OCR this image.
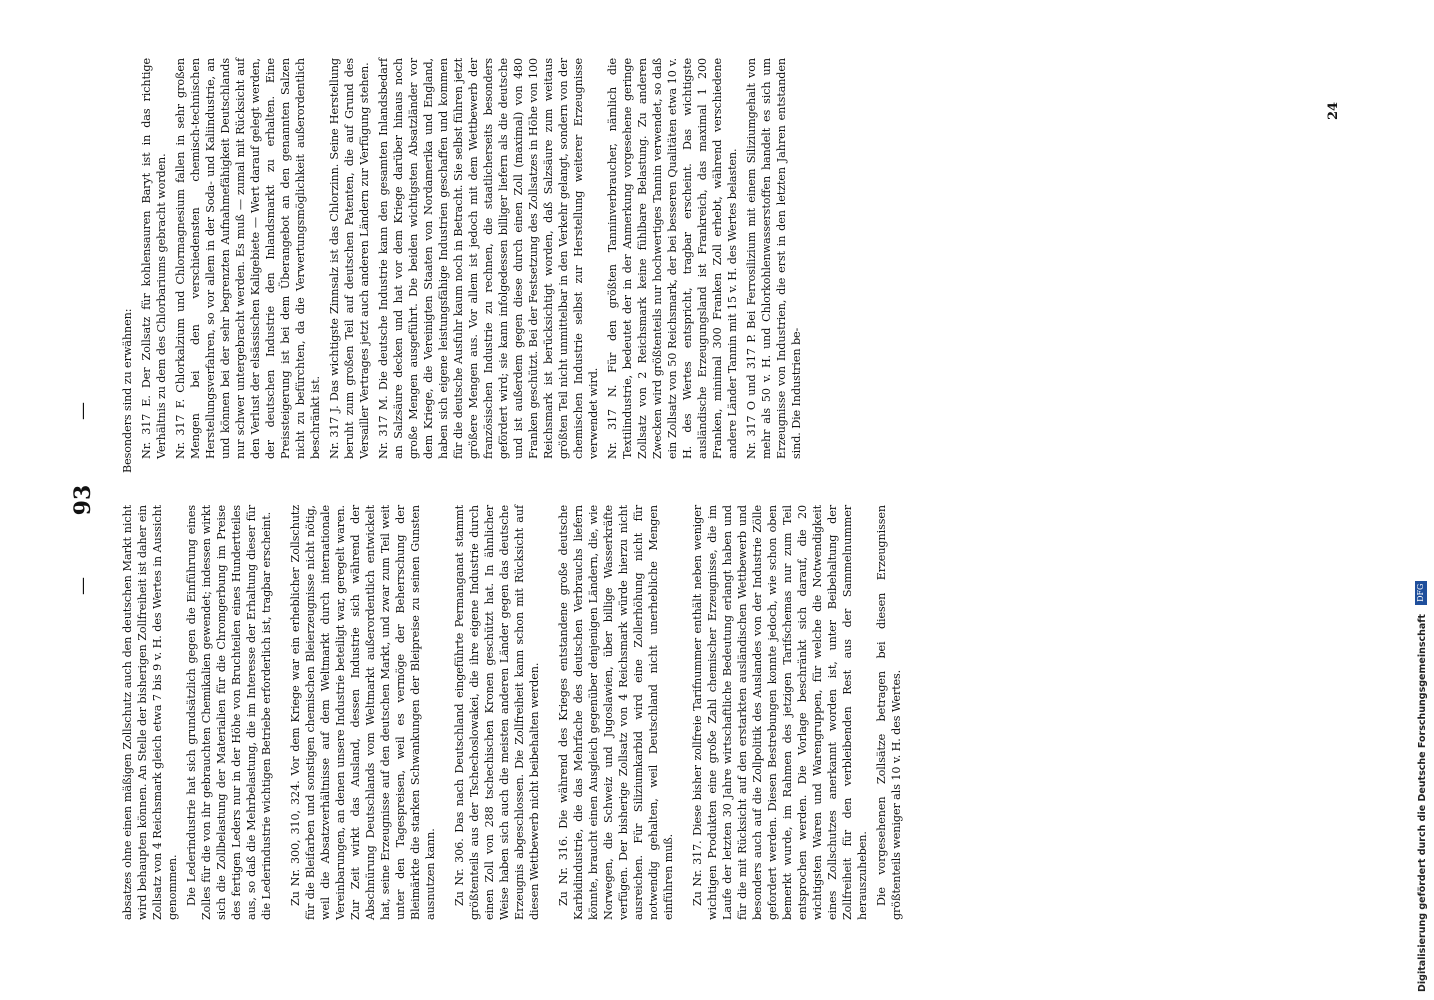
—
93
—

absatzes ohne einen mäßigen Zollschutz auch den deutschen Markt nicht wird behaupten können. An Stelle der bisherigen Zollfreiheit ist daher ein Zollsatz von 4 Reichsmark gleich etwa 7 bis 9 v. H. des Wertes in Aussicht genommen. Die Lederindustrie hat sich grundsätzlich gegen die Einführung eines Zolles für die von ihr gebrauchten Chemikalien gewendet; indessen wirkt sich die Zollbelastung der Materialien für die Chromgerbung im Preise des fertigen Leders nur in der Höhe von Bruchteilen eines Hundertteiles aus, so daß die Mehrbelastung, die im Interesse der Erhaltung dieser für die Lederindustrie wichtigen Betriebe erforderlich ist, tragbar erscheint. Zu Nr. 300, 310, 324. Vor dem Kriege war ein erheblicher Zollschutz für die Bleifarben und sonstigen chemischen Bleierzeugnisse nicht nötig, weil die Absatzverhältnisse auf dem Weltmarkt durch internationale Vereinbarungen, an denen unsere Industrie beteiligt war, geregelt waren. Zur Zeit wirkt das Ausland, dessen Industrie sich während der Abschnürung Deutschlands vom Weltmarkt außerordentlich entwickelt hat, seine Erzeugnisse auf den deutschen Markt, und zwar zum Teil weit unter den Tagespreisen, weil es vermöge der Beherrschung der Bleimärkte die starken Schwankungen der Bleipreise zu seinen Gunsten ausnutzen kann. Zu Nr. 306. Das nach Deutschland eingeführte Permanganat stammt größtenteils aus der Tschechoslowakei, die ihre eigene Industrie durch einen Zoll von 288 tschechischen Kronen geschützt hat. In ähnlicher Weise haben sich auch die meisten anderen Länder gegen das deutsche Erzeugnis abgeschlossen. Die Zollfreiheit kann schon mit Rücksicht auf diesen Wettbewerb nicht beibehalten werden. Zu Nr. 316. Die während des Krieges entstandene große deutsche Karbidindustrie, die das Mehrfache des deutschen Verbrauchs liefern könnte, braucht einen Ausgleich gegenüber denjenigen Ländern, die, wie Norwegen, die Schweiz und Jugoslawien, über billige Wasserkräfte verfügen. Der bisherige Zollsatz von 4 Reichsmark würde hierzu nicht ausreichen. Für Siliziumkarbid wird eine Zollerhöhung nicht für notwendig gehalten, weil Deutschland nicht unerhebliche Mengen einführen muß. Zu Nr. 317. Diese bisher zollfreie Tarifnummer enthält neben weniger wichtigen Produkten eine große Zahl chemischer Erzeugnisse, die im Laufe der letzten 30 Jahre wirtschaftliche Bedeutung erlangt haben und für die mit Rücksicht auf den erstarkten ausländischen Wettbewerb und besonders auch auf die Zollpolitik des Auslandes von der Industrie Zölle gefordert werden. Diesen Bestrebungen konnte jedoch, wie schon oben bemerkt wurde, im Rahmen des jetzigen Tarifschemas nur zum Teil entsprochen werden. Die Vorlage beschränkt sich darauf, die 20 wichtigsten Waren und Warengruppen, für welche die Notwendigkeit eines Zollschutzes anerkannt worden ist, unter Beibehaltung der Zollfreiheit für den verbleibenden Rest aus der Sammelnummer herauszuheben. Die vorgesehenen Zollsätze betragen bei diesen Erzeugnissen größtenteils weniger als 10 v. H. des Wertes.

Besonders sind zu erwähnen: Nr. 317 E. Der Zollsatz für kohlensauren Baryt ist in das richtige Verhältnis zu dem des Chlorbariums gebracht worden. Nr. 317 F. Chlorkalzium und Chlormagnesium fallen in sehr großen Mengen bei den verschiedensten chemisch-technischen Herstellungsverfahren, so vor allem in der Soda- und Kaliindustrie, an und können bei der sehr begrenzten Aufnahmefähigkeit Deutschlands nur schwer untergebracht werden. Es muß — zumal mit Rücksicht auf den Verlust der elsässischen Kaligebiete — Wert darauf gelegt werden, der deutschen Industrie den Inlandsmarkt zu erhalten. Eine Preissteigerung ist bei dem Überangebot an den genannten Salzen nicht zu befürchten, da die Verwertungsmöglichkeit außerordentlich beschränkt ist. Nr. 317 J. Das wichtigste Zinnsalz ist das Chlorzinn. Seine Herstellung beruht zum großen Teil auf deutschen Patenten, die auf Grund des Versailler Vertrages jetzt auch anderen Ländern zur Verfügung stehen. Nr. 317 M. Die deutsche Industrie kann den gesamten Inlandsbedarf an Salzsäure decken und hat vor dem Kriege darüber hinaus noch große Mengen ausgeführt. Die beiden wichtigsten Absatzländer vor dem Kriege, die Vereinigten Staaten von Nordamerika und England, haben sich eigene leistungsfähige Industrien geschaffen und kommen für die deutsche Ausfuhr kaum noch in Betracht. Sie selbst führen jetzt größere Mengen aus. Vor allem ist jedoch mit dem Wettbewerb der französischen Industrie zu rechnen, die staatlicherseits besonders gefördert wird; sie kann infolgedessen billiger liefern als die deutsche und ist außerdem gegen diese durch einen Zoll (maximal) von 480 Franken geschützt. Bei der Festsetzung des Zollsatzes in Höhe von 100 Reichsmark ist berücksichtigt worden, daß Salzsäure zum weitaus größten Teil nicht unmittelbar in den Verkehr gelangt, sondern von der chemischen Industrie selbst zur Herstellung weiterer Erzeugnisse verwendet wird. Nr. 317 N. Für den größten Tanninverbraucher, nämlich die Textilindustrie, bedeutet der in der Anmerkung vorgesehene geringe Zollsatz von 2 Reichsmark keine fühlbare Belastung. Zu anderen Zwecken wird größtenteils nur hochwertiges Tannin verwendet, so daß ein Zollsatz von 50 Reichsmark, der bei besseren Qualitäten etwa 10 v. H. des Wertes entspricht, tragbar erscheint. Das wichtigste ausländische Erzeugungsland ist Frankreich, das maximal 1 200 Franken, minimal 300 Franken Zoll erhebt, während verschiedene andere Länder Tannin mit 15 v. H. des Wertes belasten. Nr. 317 O und 317 P. Bei Ferrosilizium mit einem Siliziumgehalt von mehr als 50 v. H. und Chlorkohlenwasserstoffen handelt es sich um Erzeugnisse von Industrien, die erst in den letzten Jahren entstanden sind. Die Industrien be-

24
Digitalisierung gefördert durch die Deutsche Forschungsgemeinschaft DFG
